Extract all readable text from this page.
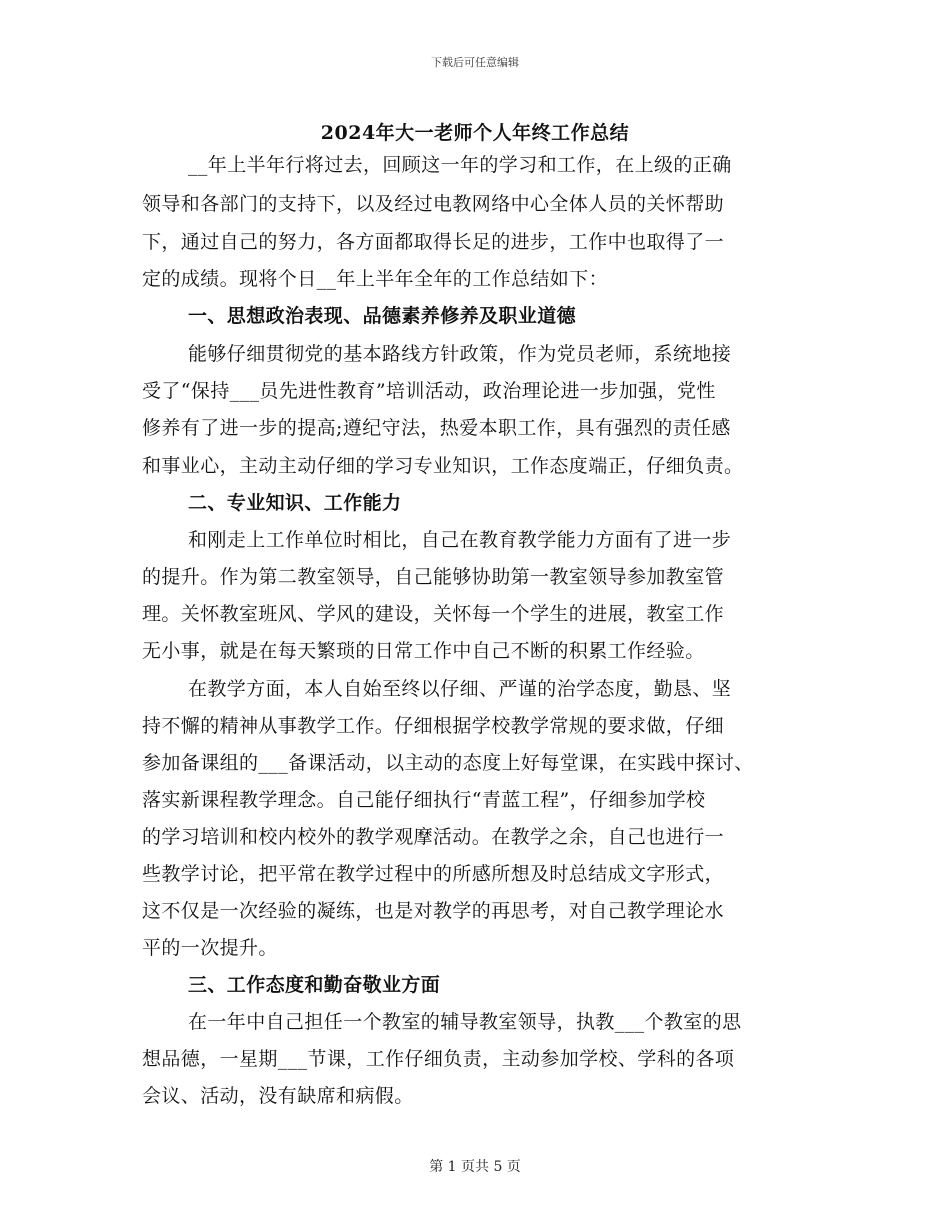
下载后可任意编辑
2024年大一老师个人年终工作总结
__年上半年行将过去，回顾这一年的学习和工作，在上级的正确
领导和各部门的支持下，以及经过电教网络中心全体人员的关怀帮助
下，通过自己的努力，各方面都取得长足的进步，工作中也取得了一
定的成绩。现将个日__年上半年全年的工作总结如下：
一、思想政治表现、品德素养修养及职业道德
能够仔细贯彻党的基本路线方针政策，作为党员老师，系统地接
受了“保持___员先进性教育”培训活动，政治理论进一步加强，党性
修养有了进一步的提高;遵纪守法，热爱本职工作，具有强烈的责任感
和事业心，主动主动仔细的学习专业知识，工作态度端正，仔细负责。
二、专业知识、工作能力
和刚走上工作单位时相比，自己在教育教学能力方面有了进一步
的提升。作为第二教室领导，自己能够协助第一教室领导参加教室管
理。关怀教室班风、学风的建设，关怀每一个学生的进展，教室工作
无小事，就是在每天繁琐的日常工作中自己不断的积累工作经验。
在教学方面，本人自始至终以仔细、严谨的治学态度，勤恳、坚
持不懈的精神从事教学工作。仔细根据学校教学常规的要求做，仔细
参加备课组的___备课活动，以主动的态度上好每堂课，在实践中探讨、
落实新课程教学理念。自己能仔细执行“青蓝工程”，仔细参加学校
的学习培训和校内校外的教学观摩活动。在教学之余，自己也进行一
些教学讨论，把平常在教学过程中的所感所想及时总结成文字形式，
这不仅是一次经验的凝练，也是对教学的再思考，对自己教学理论水
平的一次提升。
三、工作态度和勤奋敬业方面
在一年中自己担任一个教室的辅导教室领导，执教___个教室的思
想品德，一星期___节课，工作仔细负责，主动参加学校、学科的各项
会议、活动，没有缺席和病假。
第 1 页共 5 页
